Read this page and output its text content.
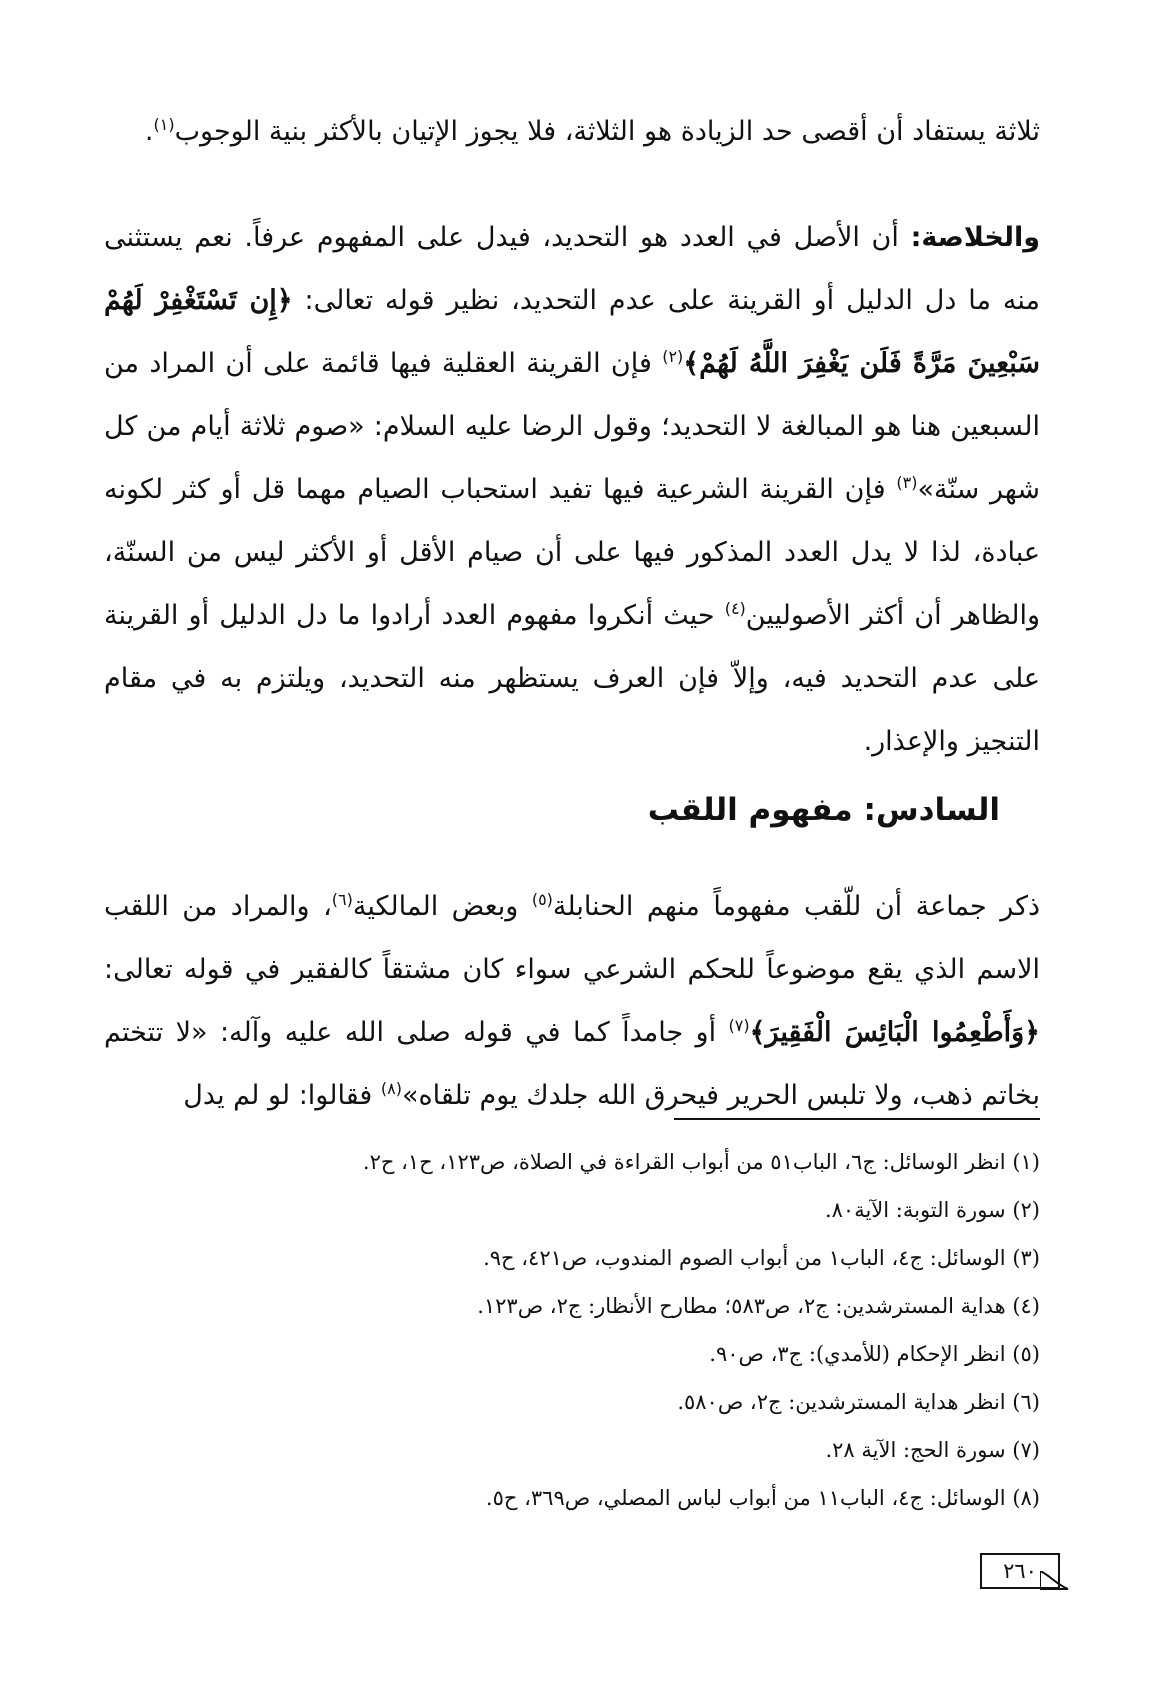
ثلاثة يستفاد أن أقصى حد الزيادة هو الثلاثة، فلا يجوز الإتيان بالأكثر بنية الوجوب$^{(١)}$.

والخلاصة: أن الأصل في العدد هو التحديد، فيدل على المفهوم عرفاً. نعم يستثنى منه ما دل الدليل أو القرينة على عدم التحديد، نظير قوله تعالى: ﴿إِن تَسْتَغْفِرْ لَهُمْ سَبْعِينَ مَرَّةً فَلَن يَغْفِرَ اللَّهُ لَهُمْ﴾$^{(٢)}$ فإن القرينة العقلية فيها قائمة على أن المراد من السبعين هنا هو المبالغة لا التحديد؛ وقول الرضا عليه السلام: «صوم ثلاثة أيام من كل شهر سنّة»$^{(٣)}$ فإن القرينة الشرعية فيها تفيد استحباب الصيام مهما قل أو كثر لكونه عبادة، لذا لا يدل العدد المذكور فيها على أن صيام الأقل أو الأكثر ليس من السنّة، والظاهر أن أكثر الأصوليين$^{(٤)}$ حيث أنكروا مفهوم العدد أرادوا ما دل الدليل أو القرينة على عدم التحديد فيه، وإلاّ فإن العرف يستظهر منه التحديد، ويلتزم به في مقام التنجيز والإعذار.

السادس: مفهوم اللقب

ذكر جماعة أن للّقب مفهوماً منهم الحنابلة$^{(٥)}$ وبعض المالكية$^{(٦)}$، والمراد من اللقب الاسم الذي يقع موضوعاً للحكم الشرعي سواء كان مشتقاً كالفقير في قوله تعالى: ﴿وَأَطْعِمُوا الْبَائِسَ الْفَقِيرَ﴾$^{(٧)}$ أو جامداً كما في قوله صلى الله عليه وآله: «لا تتختم بخاتم ذهب، ولا تلبس الحرير فيحرق الله جلدك يوم تلقاه»$^{(٨)}$ فقالوا: لو لم يدل

(١) انظر الوسائل: ج٦، الباب٥١ من أبواب القراءة في الصلاة، ص١٢٣، ح١، ح٢.
(٢) سورة التوبة: الآية٨٠.
(٣) الوسائل: ج٤، الباب١ من أبواب الصوم المندوب، ص٤٢١، ح٩.
(٤) هداية المسترشدين: ج٢، ص٥٨٣؛ مطارح الأنظار: ج٢، ص١٢٣.
(٥) انظر الإحكام (للأمدي): ج٣، ص٩٠.
(٦) انظر هداية المسترشدين: ج٢، ص٥٨٠.
(٧) سورة الحج: الآية ٢٨.
(٨) الوسائل: ج٤، الباب١١ من أبواب لباس المصلي، ص٣٦٩، ح٥.
٢٦٠
